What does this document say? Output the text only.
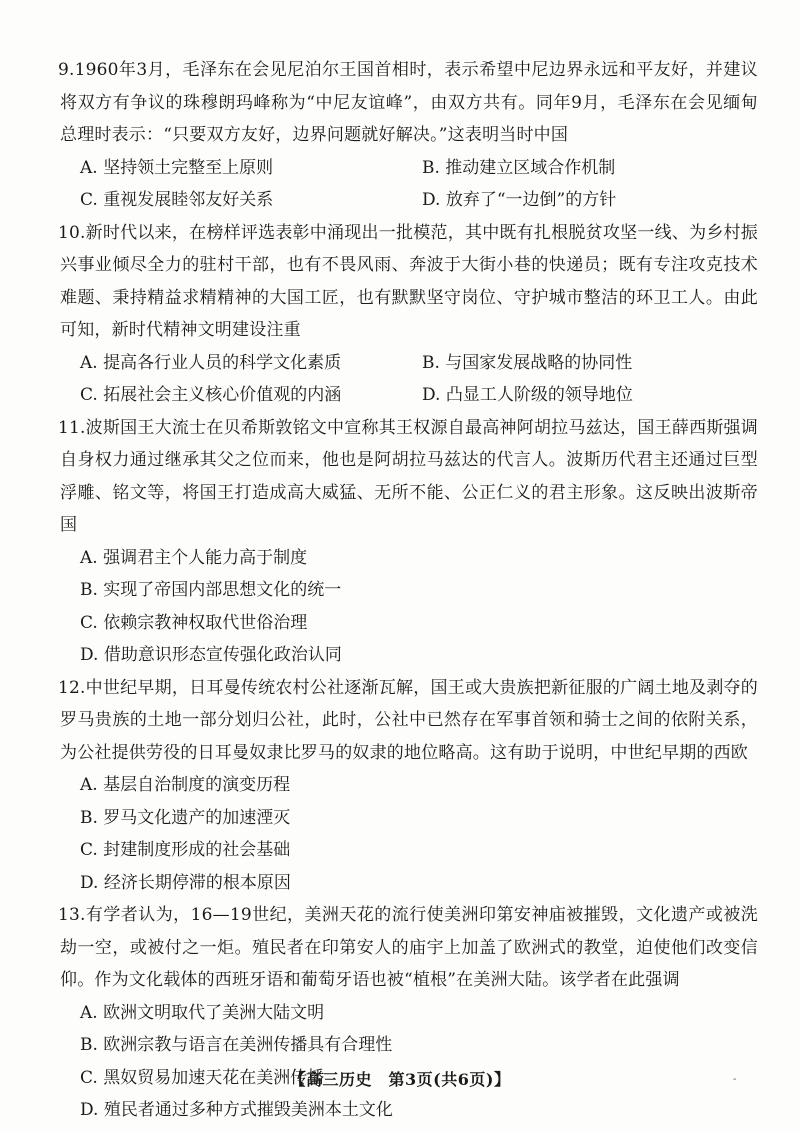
9.1960年3月，毛泽东在会见尼泊尔王国首相时，表示希望中尼边界永远和平友好，并建议将双方有争议的珠穆朗玛峰称为“中尼友谊峰”，由双方共有。同年9月，毛泽东在会见缅甸总理时表示：“只要双方友好，边界问题就好解决。”这表明当时中国
A. 坚持领土完整至上原则	B. 推动建立区域合作机制
C. 重视发展睦邻友好关系	D. 放弃了“一边倒”的方针
10.新时代以来，在榜样评选表彰中涌现出一批模范，其中既有扎根脱贫攻坚一线、为乡村振兴事业倾尽全力的驻村干部，也有不畏风雨、奔波于大街小巷的快递员；既有专注攻克技术难题、秉持精益求精精神的大国工匠，也有默默坚守岗位、守护城市整洁的环卫工人。由此可知，新时代精神文明建设注重
A. 提高各行业人员的科学文化素质	B. 与国家发展战略的协同性
C. 拓展社会主义核心价值观的内涵	D. 凸显工人阶级的领导地位
11.波斯国王大流士在贝希斯敦铭文中宣称其王权源自最高神阿胡拉马兹达，国王薛西斯强调自身权力通过继承其父之位而来，他也是阿胡拉马兹达的代言人。波斯历代君主还通过巨型浮雕、铭文等，将国王打造成高大威猛、无所不能、公正仁义的君主形象。这反映出波斯帝国
A. 强调君主个人能力高于制度
B. 实现了帝国内部思想文化的统一
C. 依赖宗教神权取代世俗治理
D. 借助意识形态宣传强化政治认同
12.中世纪早期，日耳曼传统农村公社逐渐瓦解，国王或大贵族把新征服的广阔土地及剥夺的罗马贵族的土地一部分划归公社，此时，公社中已然存在军事首领和骑士之间的依附关系，为公社提供劳役的日耳曼奴隶比罗马的奴隶的地位略高。这有助于说明，中世纪早期的西欧
A. 基层自治制度的演变历程
B. 罗马文化遗产的加速湮灭
C. 封建制度形成的社会基础
D. 经济长期停滞的根本原因
13.有学者认为，16—19世纪，美洲天花的流行使美洲印第安神庙被摧毁，文化遗产或被洗劫一空，或被付之一炬。殖民者在印第安人的庙宇上加盖了欧洲式的教堂，迫使他们改变信仰。作为文化载体的西班牙语和葡萄牙语也被“植根”在美洲大陆。该学者在此强调
A. 欧洲文明取代了美洲大陆文明
B. 欧洲宗教与语言在美洲传播具有合理性
C. 黑奴贸易加速天花在美洲传播
D. 殖民者通过多种方式摧毁美洲本土文化
【高三历史　第3页(共6页)】	-
